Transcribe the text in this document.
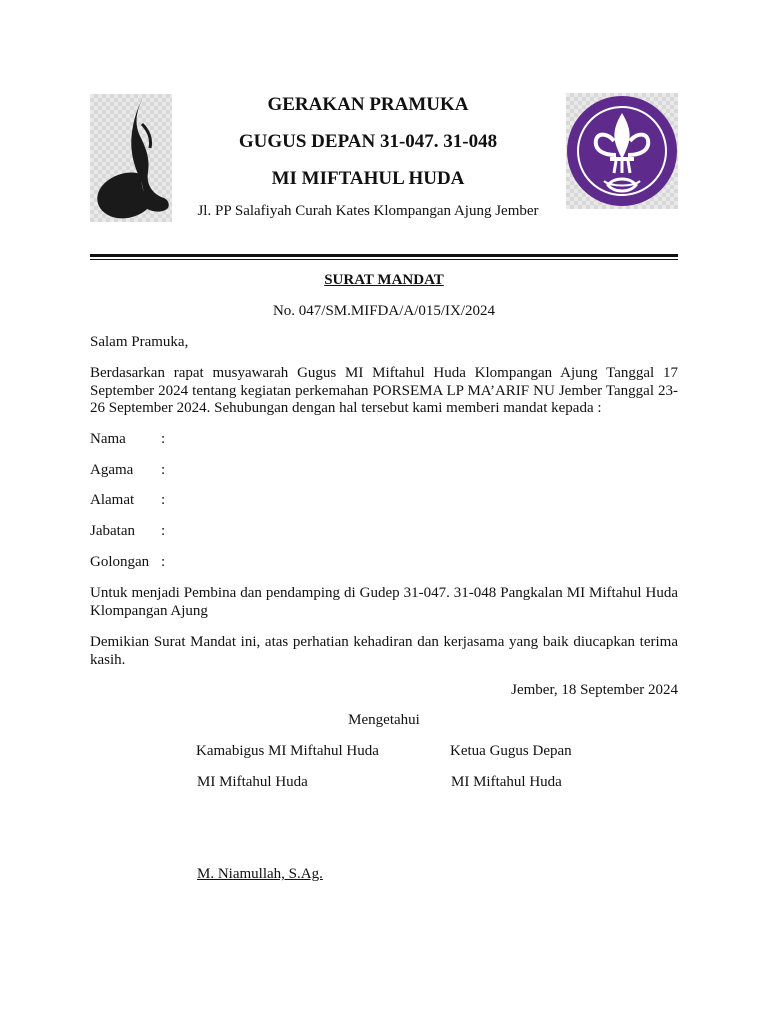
GERAKAN PRAMUKA
GUGUS DEPAN 31-047. 31-048
MI MIFTAHUL HUDA
Jl. PP Salafiyah Curah Kates Klompangan Ajung Jember
SURAT MANDAT
No. 047/SM.MIFDA/A/015/IX/2024
Salam Pramuka,
Berdasarkan rapat musyawarah Gugus MI Miftahul Huda Klompangan Ajung Tanggal 17 September 2024 tentang kegiatan perkemahan PORSEMA LP MA’ARIF NU Jember Tanggal 23-26 September 2024. Sehubungan dengan hal tersebut kami memberi mandat kepada :
Nama :
Agama :
Alamat :
Jabatan :
Golongan :
Untuk menjadi Pembina dan pendamping di Gudep 31-047. 31-048 Pangkalan MI Miftahul Huda Klompangan Ajung
Demikian Surat Mandat ini, atas perhatian kehadiran dan kerjasama yang baik diucapkan terima kasih.
Jember, 18 September 2024
Mengetahui
Kamabigus MI Miftahul Huda	Ketua Gugus Depan
MI Miftahul Huda	MI Miftahul Huda
M. Niamullah, S.Ag.
